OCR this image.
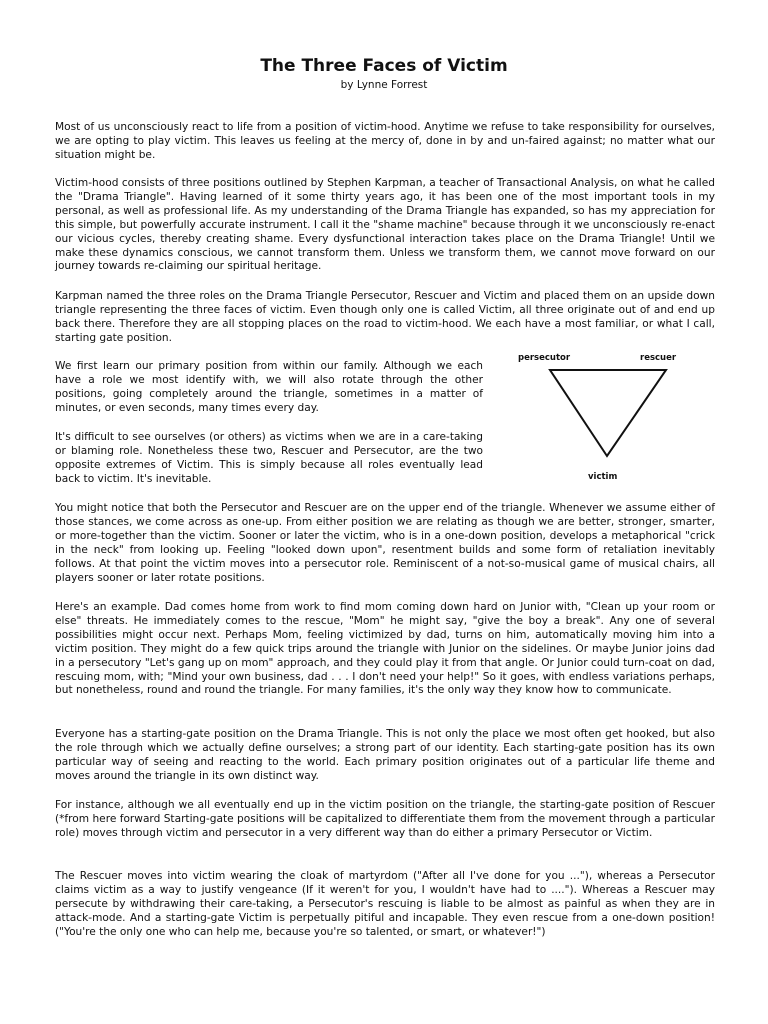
The Three Faces of Victim

by Lynne Forrest

Most of us unconsciously react to life from a position of victim-hood. Anytime we refuse to take responsibility for ourselves, we are opting to play victim. This leaves us feeling at the mercy of, done in by and un-faired against; no matter what our situation might be.

Victim-hood consists of three positions outlined by Stephen Karpman, a teacher of Transactional Analysis, on what he called the "Drama Triangle". Having learned of it some thirty years ago, it has been one of the most important tools in my personal, as well as professional life. As my understanding of the Drama Triangle has expanded, so has my appreciation for this simple, but powerfully accurate instrument. I call it the "shame machine" because through it we unconsciously re-enact our vicious cycles, thereby creating shame. Every dysfunctional interaction takes place on the Drama Triangle! Until we make these dynamics conscious, we cannot transform them. Unless we transform them, we cannot move forward on our journey towards re-claiming our spiritual heritage.

Karpman named the three roles on the Drama Triangle Persecutor, Rescuer and Victim and placed them on an upside down triangle representing the three faces of victim. Even though only one is called Victim, all three originate out of and end up back there. Therefore they are all stopping places on the road to victim-hood. We each have a most familiar, or what I call, starting gate position.

We first learn our primary position from within our family. Although we each have a role we most identify with, we will also rotate through the other positions, going completely around the triangle, sometimes in a matter of minutes, or even seconds, many times every day.

It's difficult to see ourselves (or others) as victims when we are in a care-taking or blaming role. Nonetheless these two, Rescuer and Persecutor, are the two opposite extremes of Victim. This is simply because all roles eventually lead back to victim. It's inevitable.

persecutor	rescuer
victim

You might notice that both the Persecutor and Rescuer are on the upper end of the triangle. Whenever we assume either of those stances, we come across as one-up. From either position we are relating as though we are better, stronger, smarter, or more-together than the victim. Sooner or later the victim, who is in a one-down position, develops a metaphorical "crick in the neck" from looking up. Feeling "looked down upon", resentment builds and some form of retaliation inevitably follows. At that point the victim moves into a persecutor role. Reminiscent of a not-so-musical game of musical chairs, all players sooner or later rotate positions.

Here's an example. Dad comes home from work to find mom coming down hard on Junior with, "Clean up your room or else" threats. He immediately comes to the rescue, "Mom" he might say, "give the boy a break". Any one of several possibilities might occur next. Perhaps Mom, feeling victimized by dad, turns on him, automatically moving him into a victim position. They might do a few quick trips around the triangle with Junior on the sidelines. Or maybe Junior joins dad in a persecutory "Let's gang up on mom" approach, and they could play it from that angle. Or Junior could turn-coat on dad, rescuing mom, with; "Mind your own business, dad . . . I don't need your help!" So it goes, with endless variations perhaps, but nonetheless, round and round the triangle. For many families, it's the only way they know how to communicate.

Everyone has a starting-gate position on the Drama Triangle. This is not only the place we most often get hooked, but also the role through which we actually define ourselves; a strong part of our identity. Each starting-gate position has its own particular way of seeing and reacting to the world. Each primary position originates out of a particular life theme and moves around the triangle in its own distinct way.

For instance, although we all eventually end up in the victim position on the triangle, the starting-gate position of Rescuer (*from here forward Starting-gate positions will be capitalized to differentiate them from the movement through a particular role) moves through victim and persecutor in a very different way than do either a primary Persecutor or Victim.

The Rescuer moves into victim wearing the cloak of martyrdom ("After all I've done for you ..."), whereas a Persecutor claims victim as a way to justify vengeance (If it weren't for you, I wouldn't have had to ...."). Whereas a Rescuer may persecute by withdrawing their care-taking, a Persecutor's rescuing is liable to be almost as painful as when they are in attack-mode. And a starting-gate Victim is perpetually pitiful and incapable. They even rescue from a one-down position! ("You're the only one who can help me, because you're so talented, or smart, or whatever!")
